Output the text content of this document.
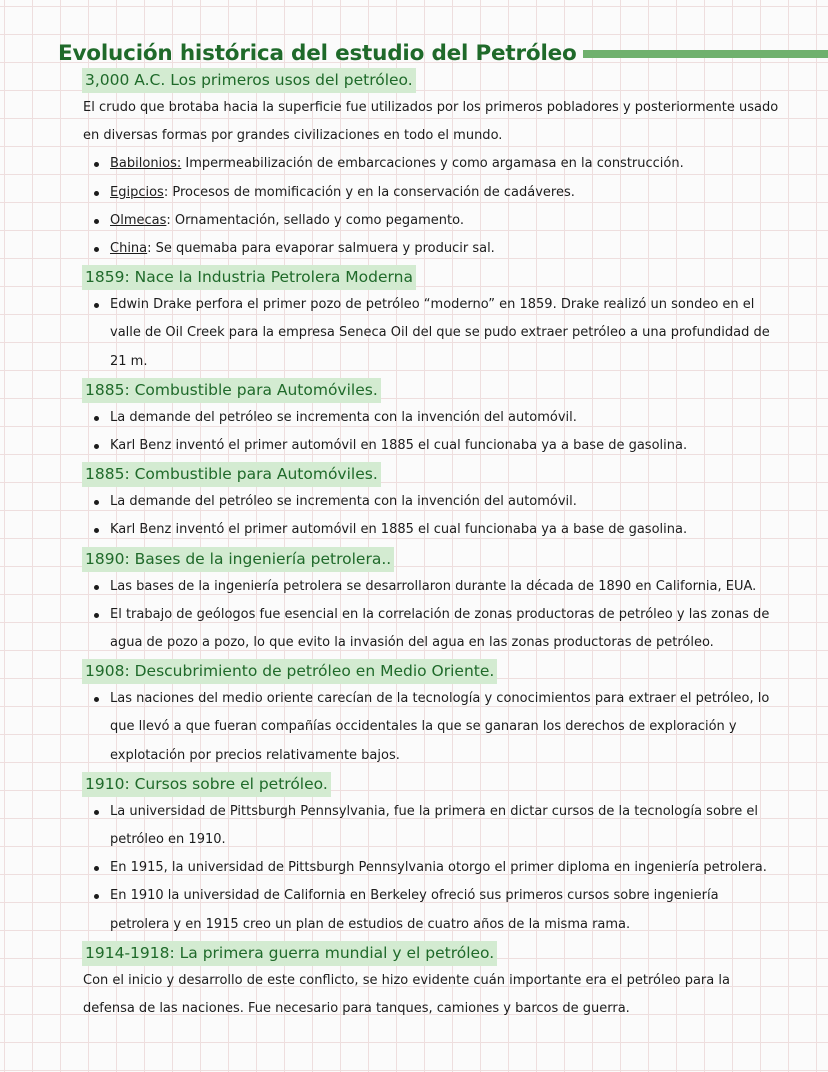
Evolución histórica del estudio del Petróleo
3,000 A.C. Los primeros usos del petróleo.
El crudo que brotaba hacia la superficie fue utilizados por los primeros pobladores y posteriormente usado en diversas formas por grandes civilizaciones en todo el mundo.
Babilonios: Impermeabilización de embarcaciones y como argamasa en la construcción.
Egipcios: Procesos de momificación y en la conservación de cadáveres.
Olmecas: Ornamentación, sellado y como pegamento.
China: Se quemaba para evaporar salmuera y producir sal.
1859: Nace la Industria Petrolera Moderna
Edwin Drake perfora el primer pozo de petróleo “moderno” en 1859. Drake realizó un sondeo en el valle de Oil Creek para la empresa Seneca Oil del que se pudo extraer petróleo a una profundidad de 21 m.
1885: Combustible para Automóviles.
La demande del petróleo se incrementa con la invención del automóvil.
Karl Benz inventó el primer automóvil en 1885 el cual funcionaba ya a base de gasolina.
1885: Combustible para Automóviles.
La demande del petróleo se incrementa con la invención del automóvil.
Karl Benz inventó el primer automóvil en 1885 el cual funcionaba ya a base de gasolina.
1890: Bases de la ingeniería petrolera..
Las bases de la ingeniería petrolera se desarrollaron durante la década de 1890 en California, EUA.
El trabajo de geólogos fue esencial en la correlación de zonas productoras de petróleo y las zonas de agua de pozo a pozo, lo que evito la invasión del agua en las zonas productoras de petróleo.
1908: Descubrimiento de petróleo en Medio Oriente.
Las naciones del medio oriente carecían de la tecnología y conocimientos para extraer el petróleo, lo que llevó a que fueran compañías occidentales la que se ganaran los derechos de exploración y explotación por precios relativamente bajos.
1910: Cursos sobre el petróleo.
La universidad de Pittsburgh Pennsylvania, fue la primera en dictar cursos de la tecnología sobre el petróleo en 1910.
En 1915, la universidad de Pittsburgh Pennsylvania otorgo el primer diploma en ingeniería petrolera.
En 1910 la universidad de California en Berkeley ofreció sus primeros cursos sobre ingeniería petrolera y en 1915 creo un plan de estudios de cuatro años de la misma rama.
1914-1918: La primera guerra mundial y el petróleo.
Con el inicio y desarrollo de este conflicto, se hizo evidente cuán importante era el petróleo para la defensa de las naciones. Fue necesario para tanques, camiones y barcos de guerra.
